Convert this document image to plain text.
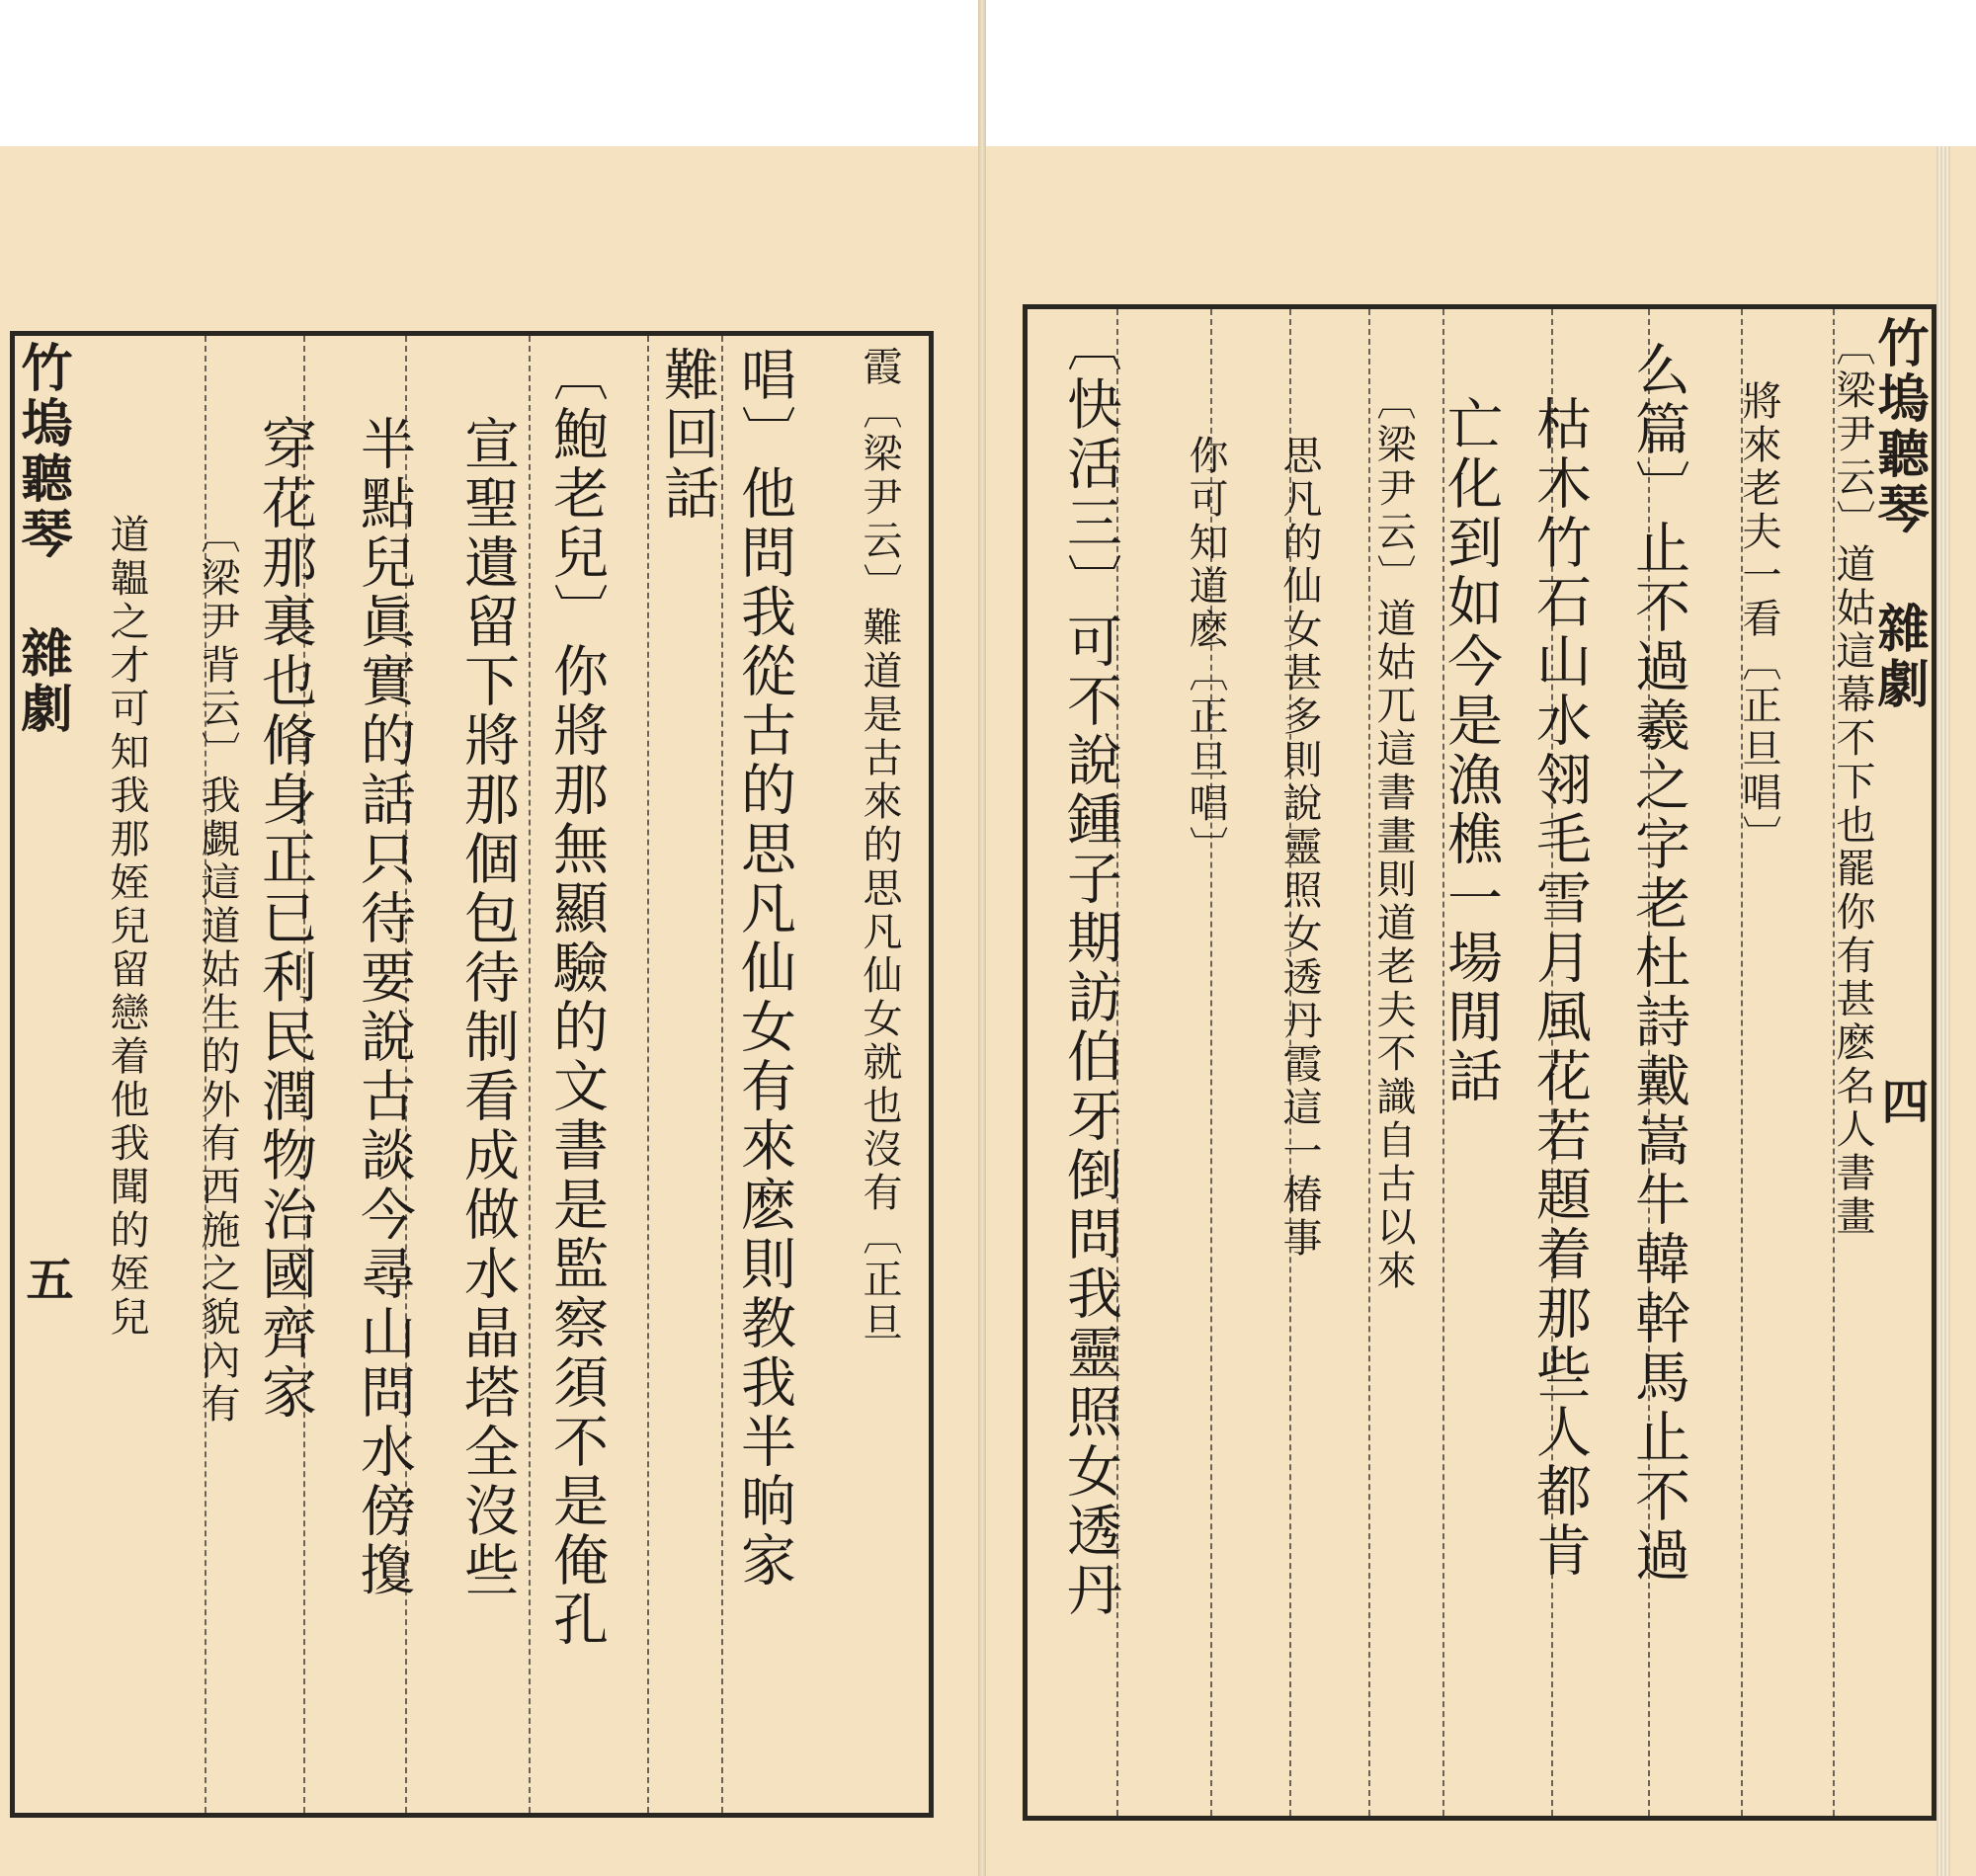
竹塢聽琴 雜劇
五	霞〔梁尹云〕難道是古來的思凡仙女就也沒有〔正旦
唱〕他問我從古的思凡仙女有來麽則教我半晌家
難回話
〔鮑老兒〕你將那無顯驗的文書是監察須不是俺孔
宣聖遺留下將那個包待制看成做水晶塔全沒些
半點兒眞實的話只待要說古談今尋山問水傍𢷳
穿花那裏也脩身正已利民潤物治國齊家
〔梁尹背云〕我覷這道姑生的外有西施之貌內有
道韞之才可知我那姪兒留戀着他我聞的姪兒	竹塢聽琴 雜劇
四
〔梁尹云〕道姑這幕不下也罷你有甚麽名人書畫
將來老夫一看〔正旦唱〕
么篇〕止不過羲之字老杜詩戴嵩牛韓幹馬止不過
枯木竹石山水翎毛雪月風花若題着那些人都肯
亡化到如今是漁樵一場閒話
〔梁尹云〕道姑兀這書畫則道老夫不識自古以來
思凡的仙女甚多則說靈照女透丹霞這一椿事
你可知道麽〔正旦唱〕
〔快活三〕可不說鍾子期訪伯牙倒問我靈照女透丹
